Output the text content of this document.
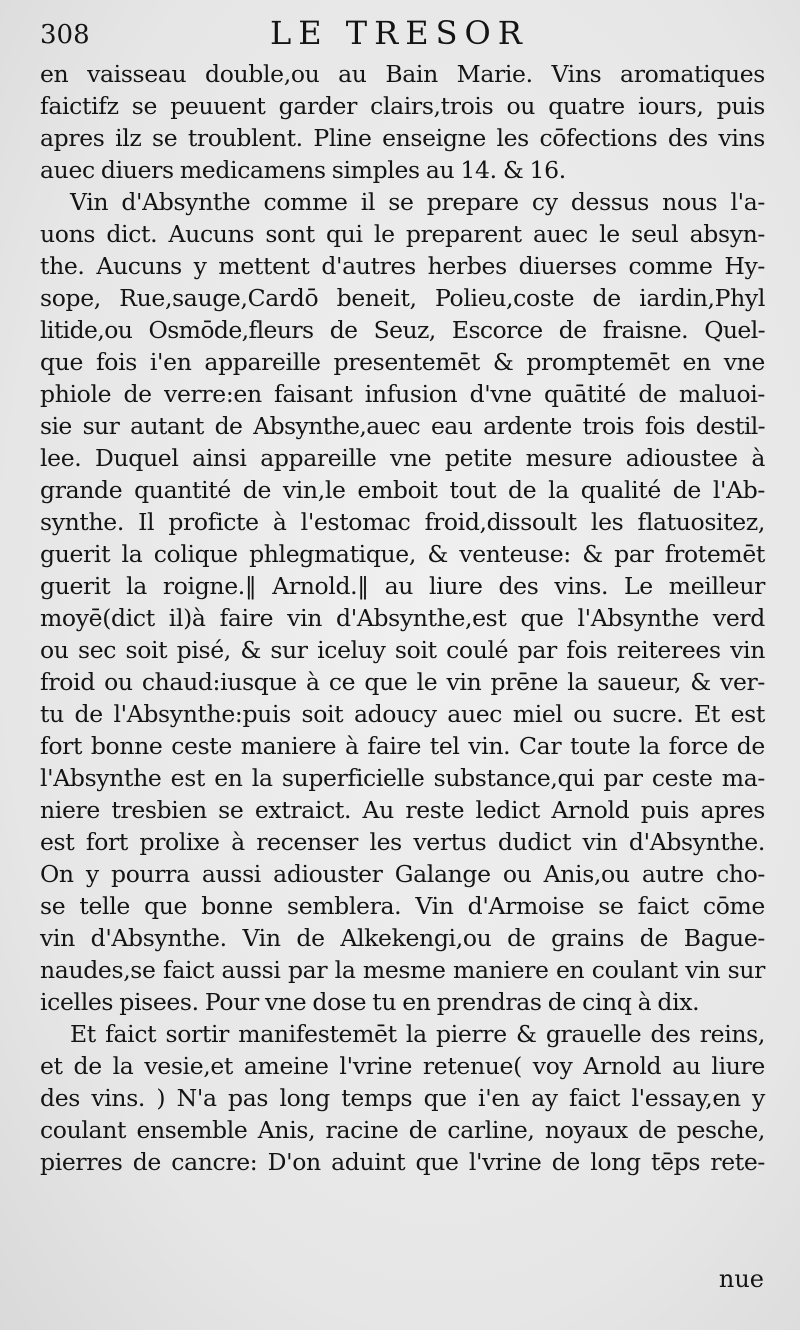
308	LE TRESOR
en vaisseau double,ou au Bain Marie. Vins aromatiques
faictifz se peuuent garder clairs,trois ou quatre iours, puis
apres ilz se troublent. Pline enseigne les cōfections des vins
auec diuers medicamens simples au 14. & 16.
Vin d'Absynthe comme il se prepare cy dessus nous l'a-
uons dict. Aucuns sont qui le preparent auec le seul absyn-
the. Aucuns y mettent d'autres herbes diuerses comme Hy-
sope, Rue,sauge,Cardō beneit, Polieu,coste de iardin,Phyl
litide,ou Osmōde,fleurs de Seuz, Escorce de fraisne. Quel-
que fois i'en appareille presentemēt & promptemēt en vne
phiole de verre:en faisant infusion d'vne quātité de maluoi-
sie sur autant de Absynthe,auec eau ardente trois fois destil-
lee. Duquel ainsi appareille vne petite mesure adioustee à
grande quantité de vin,le emboit tout de la qualité de l'Ab-
synthe. Il proficte à l'estomac froid,dissoult les flatuositez,
guerit la colique phlegmatique, & venteuse: & par frotemēt
guerit la roigne.‖ Arnold.‖ au liure des vins. Le meilleur
moyē(dict il)à faire vin d'Absynthe,est que l'Absynthe verd
ou sec soit pisé, & sur iceluy soit coulé par fois reiterees vin
froid ou chaud:iusque à ce que le vin prēne la saueur, & ver-
tu de l'Absynthe:puis soit adoucy auec miel ou sucre. Et est
fort bonne ceste maniere à faire tel vin. Car toute la force de
l'Absynthe est en la superficielle substance,qui par ceste ma-
niere tresbien se extraict. Au reste ledict Arnold puis apres
est fort prolixe à recenser les vertus dudict vin d'Absynthe.
On y pourra aussi adiouster Galange ou Anis,ou autre cho-
se telle que bonne semblera. Vin d'Armoise se faict cōme
vin d'Absynthe. Vin de Alkekengi,ou de grains de Bague-
naudes,se faict aussi par la mesme maniere en coulant vin sur
icelles pisees. Pour vne dose tu en prendras de cinq à dix.
Et faict sortir manifestemēt la pierre & grauelle des reins,
et de la vesie,et ameine l'vrine retenue( voy Arnold au liure
des vins. ) N'a pas long temps que i'en ay faict l'essay,en y
coulant ensemble Anis, racine de carline, noyaux de pesche,
pierres de cancre: D'on aduint que l'vrine de long tēps rete-
nue
